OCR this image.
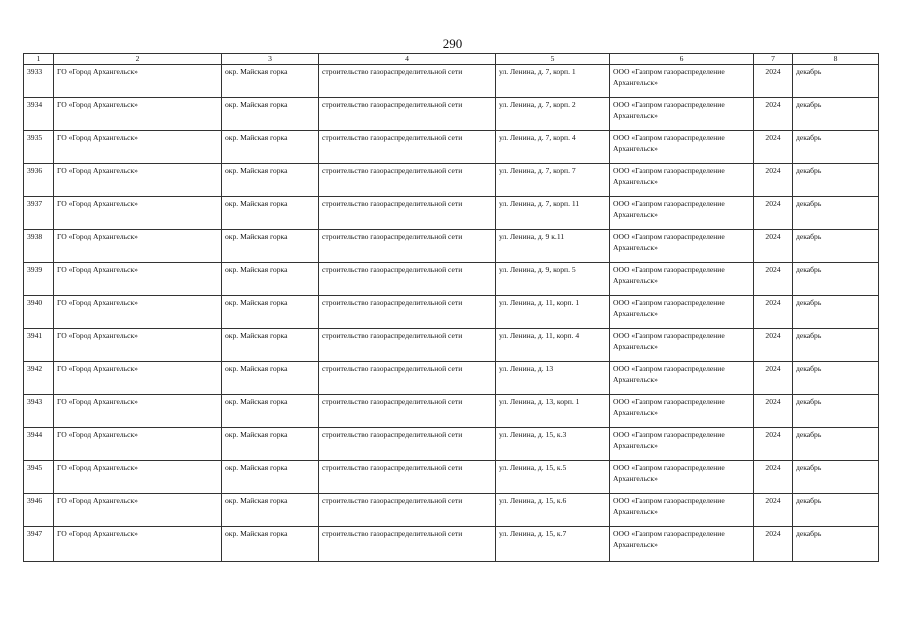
290
1	2	3	4	5	6	7	8
3933	ГО «Город Архангельск»	окр. Майская горка	строительство газораспределительной сети	ул. Ленина, д. 7, корп. 1	ООО «Газпром газораспределение Архангельск»	2024	декабрь
3934	ГО «Город Архангельск»	окр. Майская горка	строительство газораспределительной сети	ул. Ленина, д. 7, корп. 2	ООО «Газпром газораспределение Архангельск»	2024	декабрь
3935	ГО «Город Архангельск»	окр. Майская горка	строительство газораспределительной сети	ул. Ленина, д. 7, корп. 4	ООО «Газпром газораспределение Архангельск»	2024	декабрь
3936	ГО «Город Архангельск»	окр. Майская горка	строительство газораспределительной сети	ул. Ленина, д. 7, корп. 7	ООО «Газпром газораспределение Архангельск»	2024	декабрь
3937	ГО «Город Архангельск»	окр. Майская горка	строительство газораспределительной сети	ул. Ленина, д. 7, корп. 11	ООО «Газпром газораспределение Архангельск»	2024	декабрь
3938	ГО «Город Архангельск»	окр. Майская горка	строительство газораспределительной сети	ул. Ленина, д. 9 к.11	ООО «Газпром газораспределение Архангельск»	2024	декабрь
3939	ГО «Город Архангельск»	окр. Майская горка	строительство газораспределительной сети	ул. Ленина, д. 9, корп. 5	ООО «Газпром газораспределение Архангельск»	2024	декабрь
3940	ГО «Город Архангельск»	окр. Майская горка	строительство газораспределительной сети	ул. Ленина, д. 11, корп. 1	ООО «Газпром газораспределение Архангельск»	2024	декабрь
3941	ГО «Город Архангельск»	окр. Майская горка	строительство газораспределительной сети	ул. Ленина, д. 11, корп. 4	ООО «Газпром газораспределение Архангельск»	2024	декабрь
3942	ГО «Город Архангельск»	окр. Майская горка	строительство газораспределительной сети	ул. Ленина, д. 13	ООО «Газпром газораспределение Архангельск»	2024	декабрь
3943	ГО «Город Архангельск»	окр. Майская горка	строительство газораспределительной сети	ул. Ленина, д. 13, корп. 1	ООО «Газпром газораспределение Архангельск»	2024	декабрь
3944	ГО «Город Архангельск»	окр. Майская горка	строительство газораспределительной сети	ул. Ленина, д. 15, к.3	ООО «Газпром газораспределение Архангельск»	2024	декабрь
3945	ГО «Город Архангельск»	окр. Майская горка	строительство газораспределительной сети	ул. Ленина, д. 15, к.5	ООО «Газпром газораспределение Архангельск»	2024	декабрь
3946	ГО «Город Архангельск»	окр. Майская горка	строительство газораспределительной сети	ул. Ленина, д. 15, к.6	ООО «Газпром газораспределение Архангельск»	2024	декабрь
3947	ГО «Город Архангельск»	окр. Майская горка	строительство газораспределительной сети	ул. Ленина, д. 15, к.7	ООО «Газпром газораспределение Архангельск»	2024	декабрь
